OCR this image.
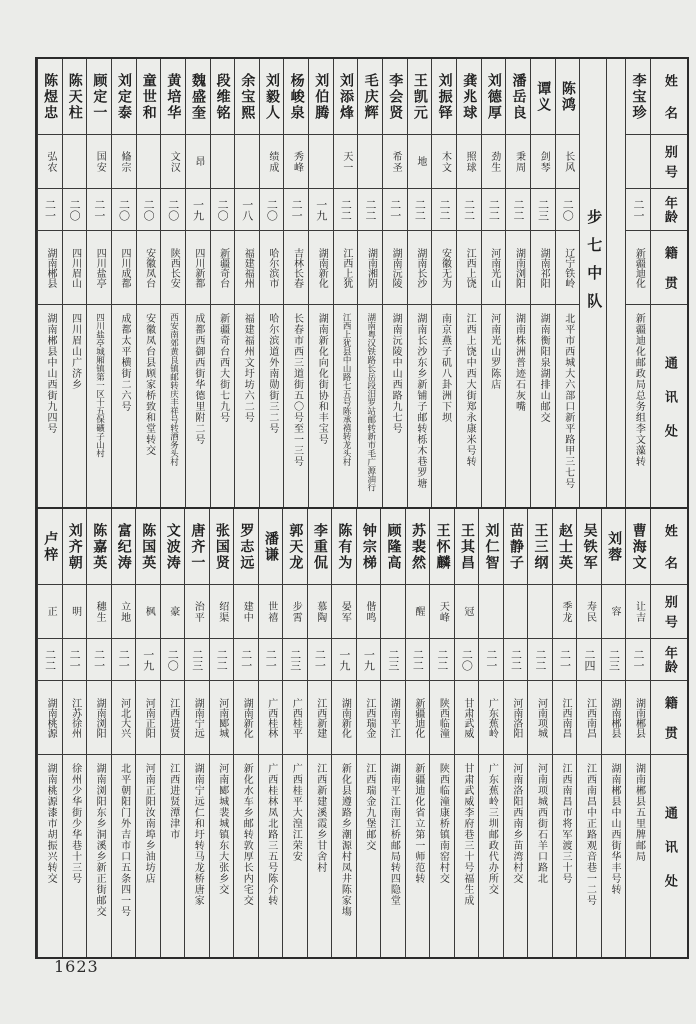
姓
名
别
号
年
龄
籍
贯
通
讯
处
李宝珍
二一
新疆迪化
新疆迪化邮政局总务组李文藻转
步七中队
陈鸿
长风
二〇
辽宁铁岭
北平市西城大六部口新平路甲三七号
谭义
剑琴
二三
湖南祁阳
湖南衡阳泉湖排山邮交
潘岳良
秉周
二二
湖南浏阳
湖南株洲普迹石灰嘴
刘德厚
劲生
二二
河南光山
河南光山罗陈店
龚兆球
照球
二二
江西上饶
江西上饶中西大街郑永康米号转
刘振铎
木文
二二
安徽无为
南京燕子矶八卦洲下坝
王凯元
地
二二
湖南长沙
湖南长沙东乡新铺子邮转栎木巷罗塘
李会贤
希圣
二一
湖南沅陵
湖南沅陵中山西路九七号
毛庆辉
二二
湖南湘阴
湖南粤汉铁路长岳段汨罗站邮转新市毛广源油行
刘添烽
天一
二二
江西上犹
江西上犹县中山路七五号陈承禧转龙头村
刘伯腾
一九
湖南新化
湖南新化向化街协和丰宝号
杨峻泉
秀峰
二一
吉林长春
长春市西三道街五〇号至一三号
刘毅人
绩成
二〇
哈尔滨市
哈尔滨道外南勋街三二号
余宝熙
一八
福建福州
福建福州文圩坊六二号
段维铭
二〇
新疆奇台
新疆奇台西大街七九号
魏盛奎
昂
一九
四川新都
成都西御西街华德里附二号
黄培华
文汉
二〇
陕西长安
西安南郊黄良镇邮转庆丰祥号转酒务头村
童世和
二〇
安徽凤台
安徽凤台县顾家桥致和堂转交
刘定泰
偹宗
二〇
四川成都
成都太平横街二六号
顾定一
国安
二一
四川盐亭
四川盐亭城厢镇第一区十五保礦子山村
陈天柱
二〇
四川眉山
四川眉山广济乡
陈煜忠
弘农
二一
湖南郴县
湖南郴县中山西街九四号
姓
名
别
号
年
龄
籍
贯
通
讯
处
曹海文
让吉
二一
湖南郴县
湖南郴县五里牌邮局
刘蓉
容
二三
湖南郴县
湖南郴县中山西街华丰号转
吴铁军
寿民
二四
江西南昌
江西南昌中正路观音巷一二号
赵士英
季龙
二一
江西南昌
江西南昌市将军渡三十号
王三纲
二二
河南项城
河南项城西街石羊口路北
苗静子
二二
河南洛阳
河南洛阳西南乡苗湾村交
刘仁智
二一
广东蕉岭
广东蕉岭三圳邮政代办所交
王其昌
冠
二〇
甘肃武威
甘肃武威李府巷三十号福生成
王怀麟
天峰
二二
陕西临潼
陕西临潼康桥镇南窑村交
苏裴然
醒
二二
新疆迪化
新疆迪化省立第一师范转
顾隆高
二三
湖南平江
湖南平江南江桥邮局转四隐堂
钟宗梯
偕鸣
一九
江西瑞金
江西瑞金九堡邮交
陈有为
晏军
一九
湖南新化
新化县遵路乡潮源村凤井陈家塲
李重侃
慕陶
二一
江西新建
江西新建溪霞乡甘舍村
郭天龙
步霄
二三
广西桂平
广西桂平大湟江荣安
潘谦
世禧
二一
广西桂林
广西桂林凤北路三五号陈介转
罗志远
建中
二一
湖南新化
新化水车乡邮转敦厚长内宅交
张国贤
绍渠
二二
河南郾城
河南郾城裴城镇东大张乡交
唐齐一
治平
二三
湖南宁远
湖南宁远仁和圩转马龙桥唐家
文波涛
豪
二〇
江西进贤
江西进贤潭津市
陈国英
枫
一九
河南正阳
河南正阳汝南埠乡油坊店
富纪涛
立地
二一
河北大兴
北平朝阳门外吉市口五条四一号
陈嘉英
穗生
二一
湖南浏阳
湖南浏阳东乡洞溪乡新正街邮交
刘齐朝
明
二一
江苏徐州
徐州少华街少华巷十三号
卢梓
正
二二
湖南桃源
湖南桃源漆市胡振兴转交
1623
